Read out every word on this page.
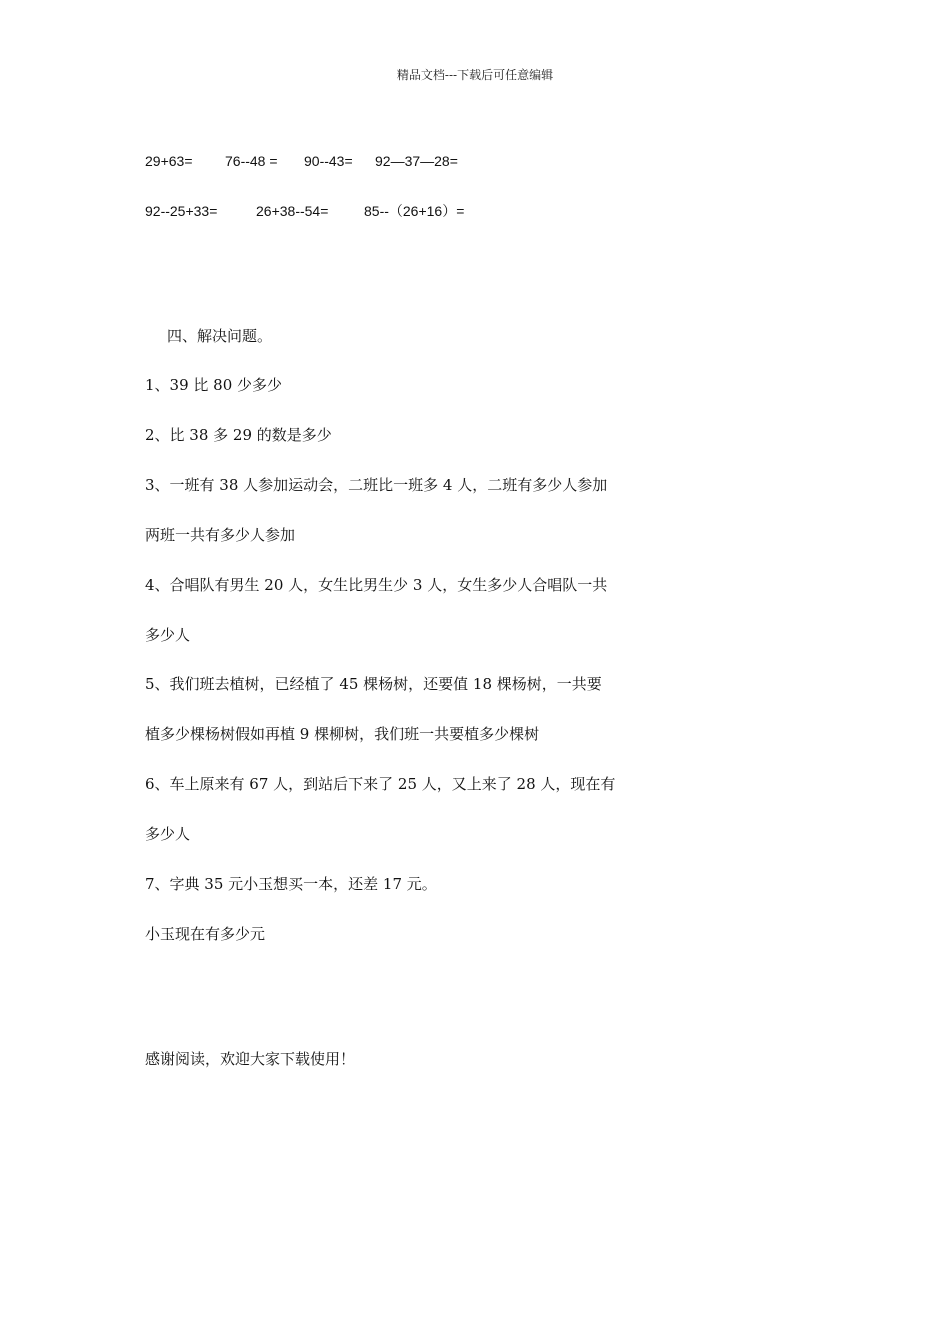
精品文档---下载后可任意编辑
29+63= 76--48 = 90--43= 92—37—28=
92--25+33=	26+38--54=	85--（26+16）=
四、解决问题。
1、39 比 80 少多少
2、比 38 多 29 的数是多少
3、一班有 38 人参加运动会，二班比一班多 4 人，二班有多少人参加
两班一共有多少人参加
4、合唱队有男生 20 人，女生比男生少 3 人，女生多少人合唱队一共
多少人
5、我们班去植树，已经植了 45 棵杨树，还要值 18 棵杨树，一共要
植多少棵杨树假如再植 9 棵柳树，我们班一共要植多少棵树
6、车上原来有 67 人，到站后下来了 25 人，又上来了 28 人，现在有
多少人
7、字典 35 元小玉想买一本，还差 17 元。
小玉现在有多少元
感谢阅读，欢迎大家下载使用！
